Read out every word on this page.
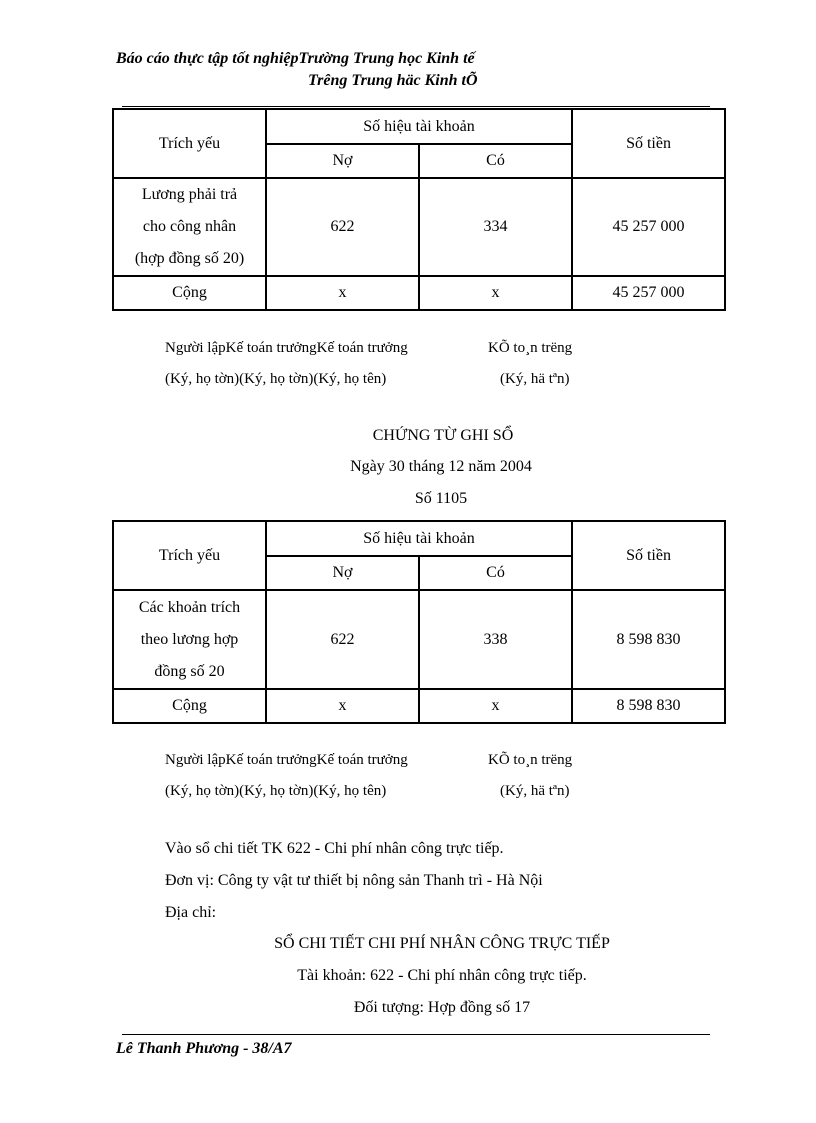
Báo cáo thực tập tốt nghiệpTrường Trung học Kinh tế
Trêng Trung häc Kinh tÕ
Trích yếu	Số hiệu tài khoản		Số tiền
	Nợ	Có	

Lương phải trả
cho công nhân
(hợp đồng số 20)	622	334	45 257 000
Cộng	x	x	45 257 000
Người lậpKế toán trưởngKế toán trưởng	KÕ to¸n trëng
(Ký, họ tờn)(Ký, họ tờn)(Ký, họ tên)	(Ký, hä tªn)
CHỨNG TỪ GHI SỔ
Ngày 30 tháng 12 năm 2004
Số 1105
Trích yếu	Số hiệu tài khoản		Số tiền
	Nợ	Có	

Các khoản trích
theo lương hợp
đồng số 20	622	338	8 598 830
Cộng	x	x	8 598 830
Người lậpKế toán trưởngKế toán trưởng	KÕ to¸n trëng
(Ký, họ tờn)(Ký, họ tờn)(Ký, họ tên)	(Ký, hä tªn)
Vào sổ chi tiết TK 622 - Chi phí nhân công trực tiếp.
Đơn vị: Công ty vật tư thiết bị nông sản Thanh trì - Hà Nội
Địa chỉ:
SỔ CHI TIẾT CHI PHÍ NHÂN CÔNG TRỰC TIẾP
Tài khoản: 622 - Chi phí nhân công trực tiếp.
Đối tượng: Hợp đồng số 17
Lê Thanh Phương - 38/A7
